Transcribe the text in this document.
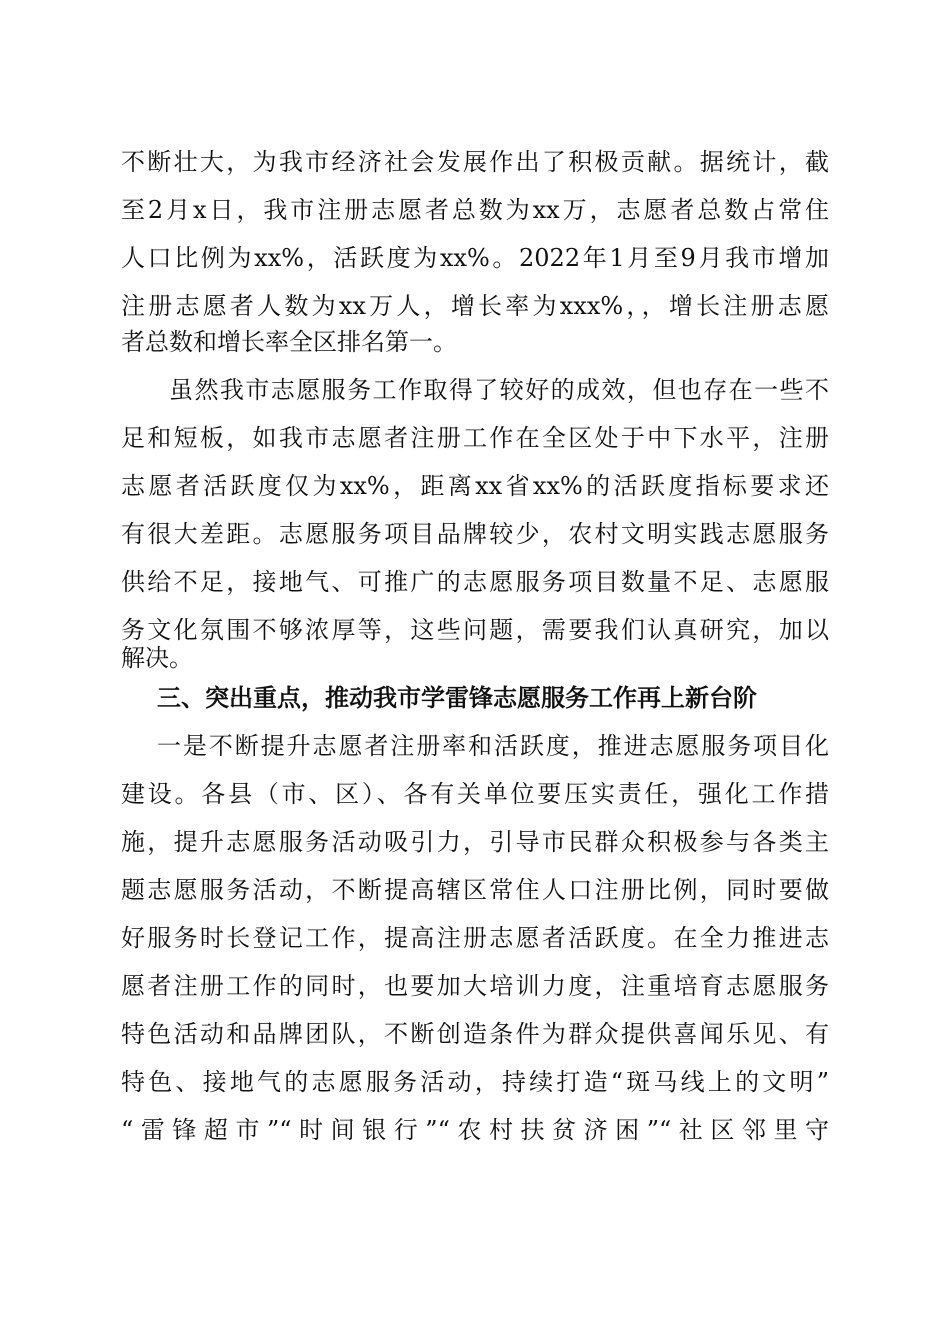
不断壮大，为我市经济社会发展作出了积极贡献。据统计，截
至2月x日，我市注册志愿者总数为xx万，志愿者总数占常住
人口比例为xx%，活跃度为xx%。2022年1月至9月我市增加
注册志愿者人数为xx万人，增长率为xxx%，，增长注册志愿
者总数和增长率全区排名第一。
虽然我市志愿服务工作取得了较好的成效，但也存在一些不
足和短板，如我市志愿者注册工作在全区处于中下水平，注册
志愿者活跃度仅为xx%，距离xx省xx%的活跃度指标要求还
有很大差距。志愿服务项目品牌较少，农村文明实践志愿服务
供给不足，接地气、可推广的志愿服务项目数量不足、志愿服
务文化氛围不够浓厚等，这些问题，需要我们认真研究，加以
解决。
三、突出重点，推动我市学雷锋志愿服务工作再上新台阶
一是不断提升志愿者注册率和活跃度，推进志愿服务项目化
建设。各县（市、区）、各有关单位要压实责任，强化工作措
施，提升志愿服务活动吸引力，引导市民群众积极参与各类主
题志愿服务活动，不断提高辖区常住人口注册比例，同时要做
好服务时长登记工作，提高注册志愿者活跃度。在全力推进志
愿者注册工作的同时，也要加大培训力度，注重培育志愿服务
特色活动和品牌团队，不断创造条件为群众提供喜闻乐见、有
特色、接地气的志愿服务活动，持续打造“斑马线上的文明”
“雷锋超市”“时间银行”“农村扶贫济困”“社区邻里守
